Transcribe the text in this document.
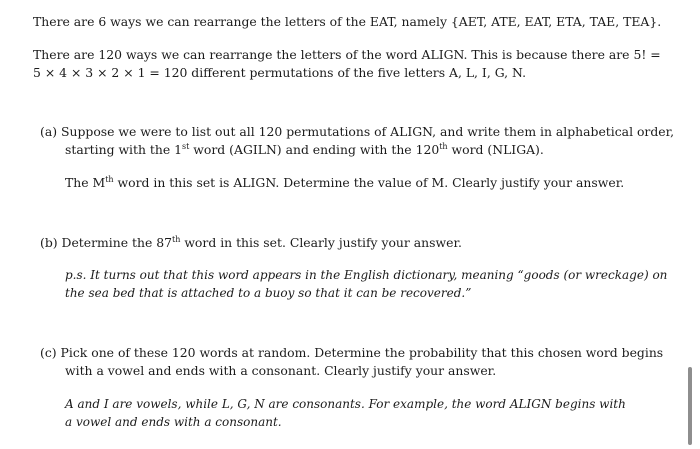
There are 6 ways we can rearrange the letters of the EAT, namely {AET, ATE, EAT, ETA, TAE, TEA}.
There are 120 ways we can rearrange the letters of the word ALIGN. This is because there are 5! =
5 × 4 × 3 × 2 × 1 = 120 different permutations of the five letters A, L, I, G, N.
(a) Suppose we were to list out all 120 permutations of ALIGN, and write them in alphabetical order,
starting with the 1st word (AGILN) and ending with the 120th word (NLIGA).
The Mth word in this set is ALIGN. Determine the value of M. Clearly justify your answer.
(b) Determine the 87th word in this set. Clearly justify your answer.
p.s. It turns out that this word appears in the English dictionary, meaning “goods (or wreckage) on
the sea bed that is attached to a buoy so that it can be recovered.”
(c) Pick one of these 120 words at random. Determine the probability that this chosen word begins
with a vowel and ends with a consonant. Clearly justify your answer.
A and I are vowels, while L, G, N are consonants. For example, the word ALIGN begins with
a vowel and ends with a consonant.
